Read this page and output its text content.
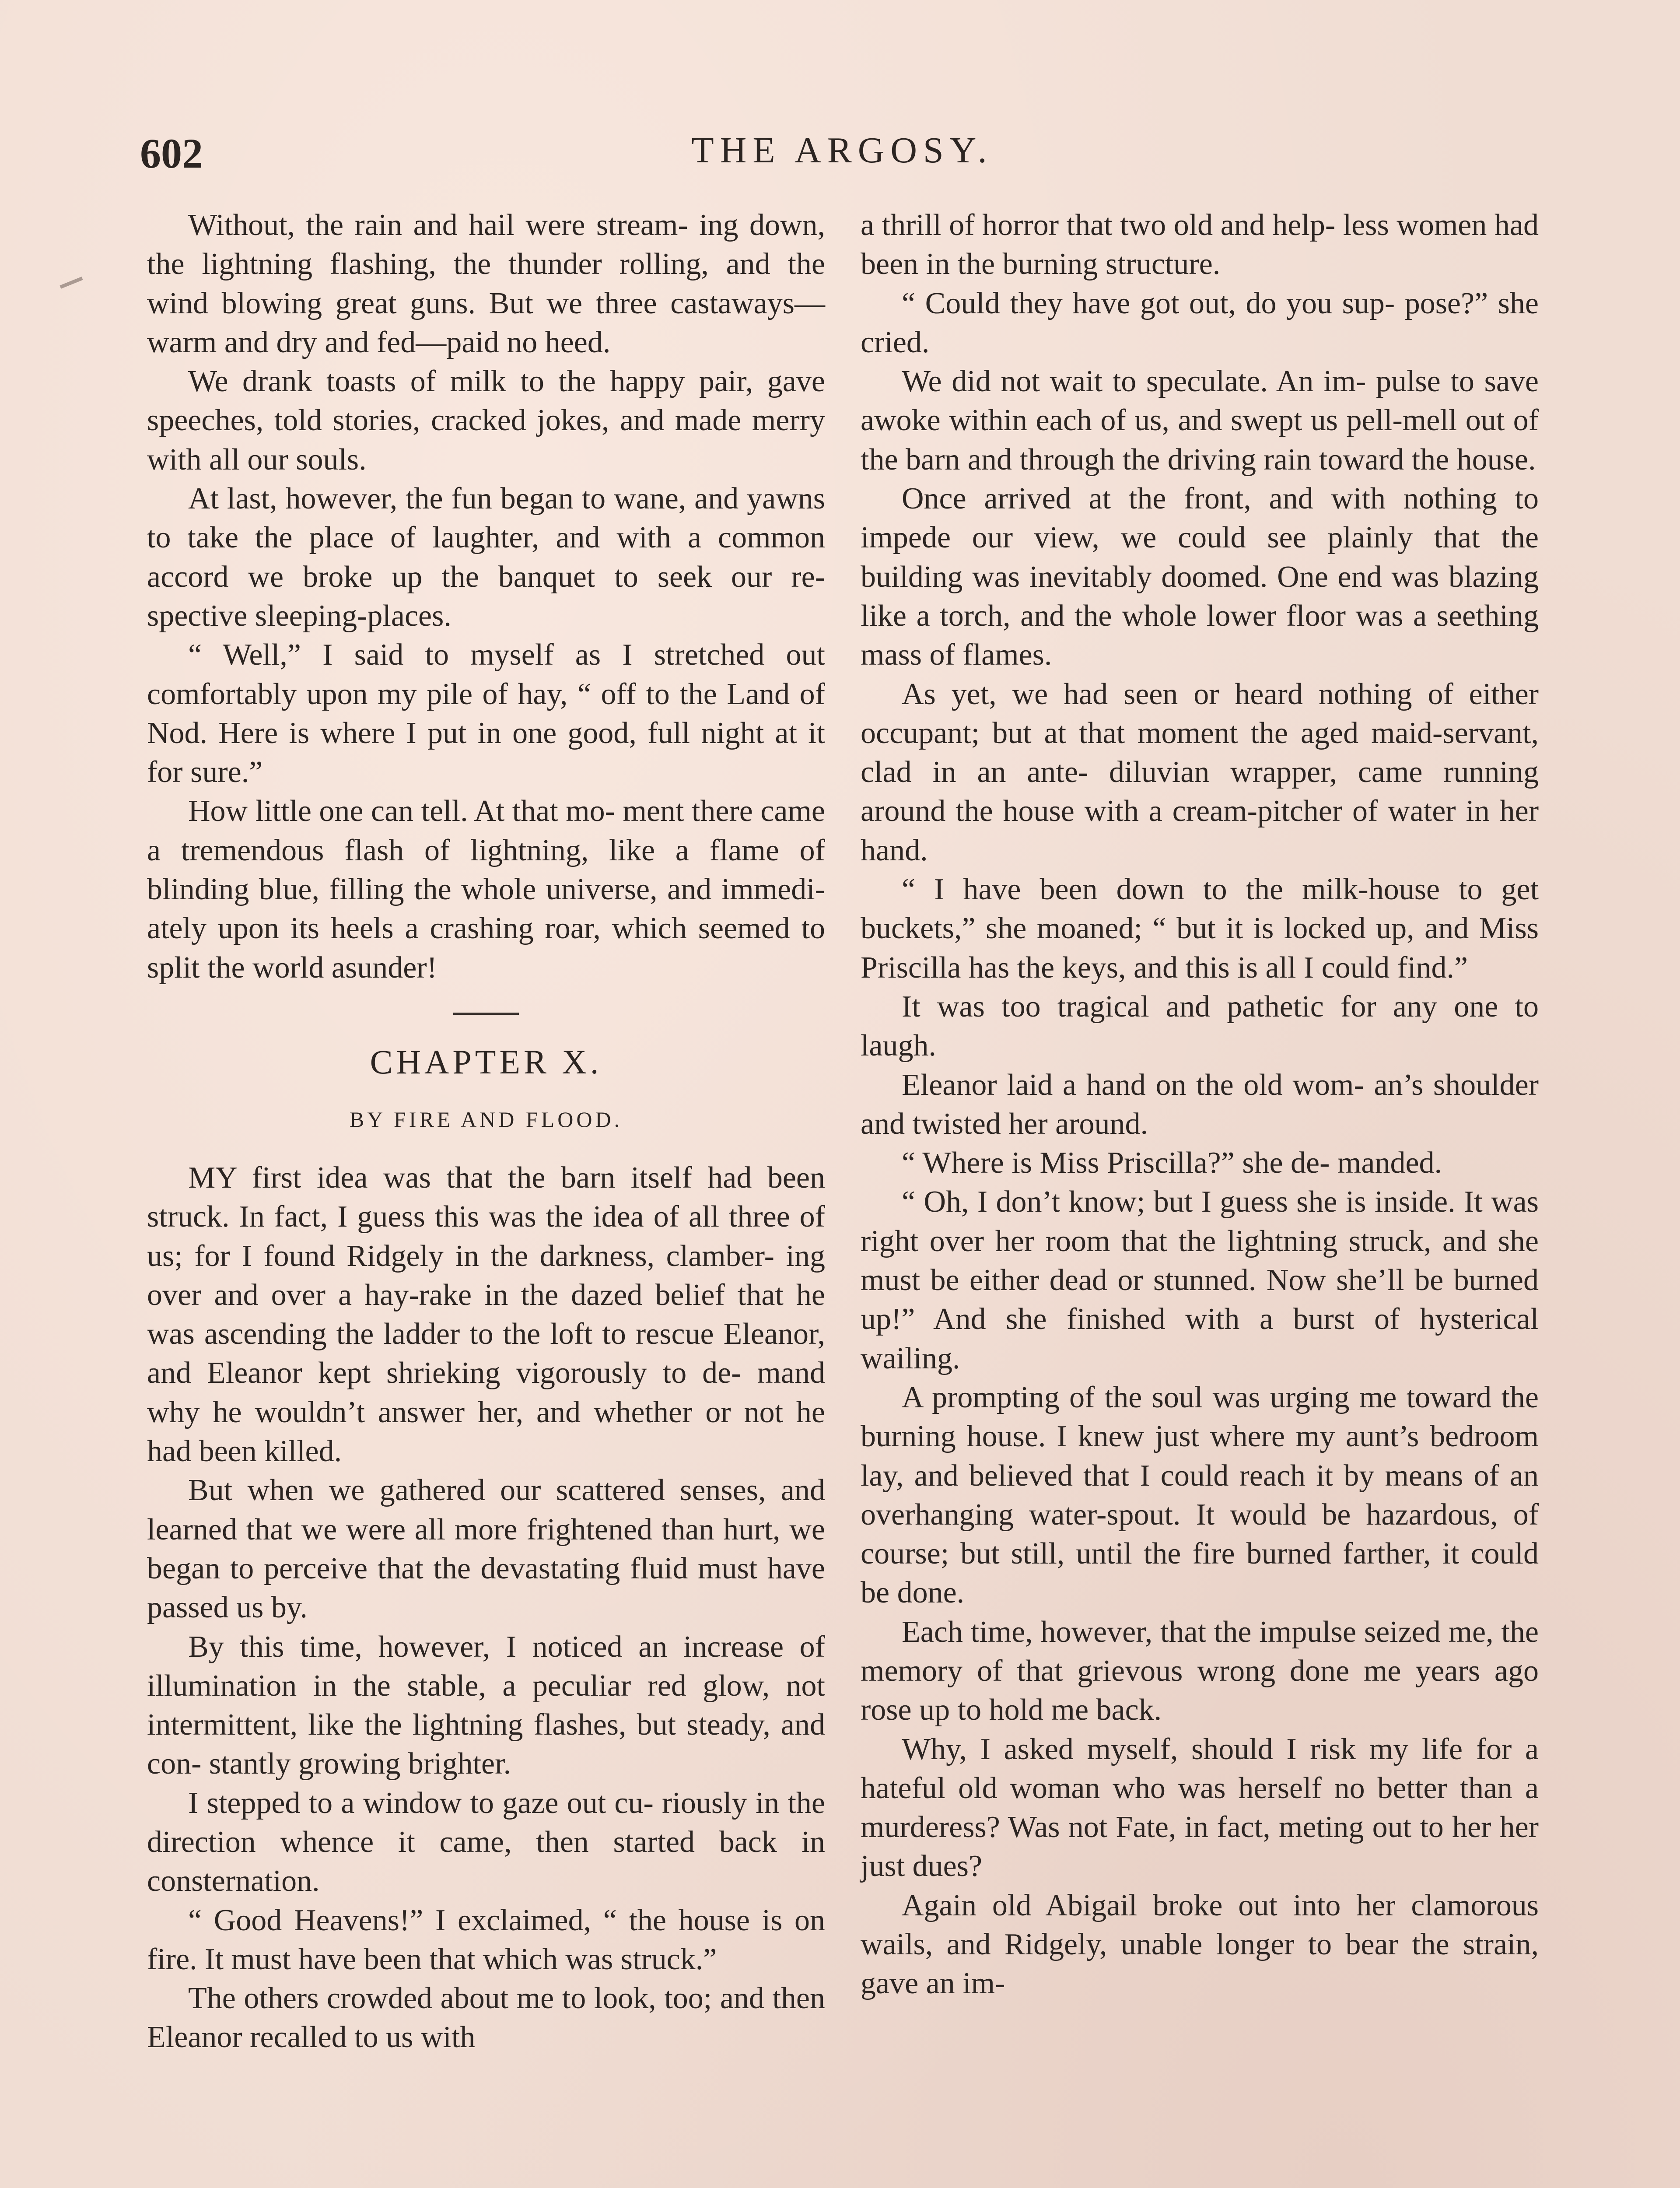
602	THE ARGOSY.

Without, the rain and hail were stream- ing down, the lightning flashing, the thunder rolling, and the wind blowing great guns. But we three castaways— warm and dry and fed—paid no heed.

We drank toasts of milk to the happy pair, gave speeches, told stories, cracked jokes, and made merry with all our souls.

At last, however, the fun began to wane, and yawns to take the place of laughter, and with a common accord we broke up the banquet to seek our re- spective sleeping-places.

“ Well,” I said to myself as I stretched out comfortably upon my pile of hay, “ off to the Land of Nod. Here is where I put in one good, full night at it for sure.”

How little one can tell. At that mo- ment there came a tremendous flash of lightning, like a flame of blinding blue, filling the whole universe, and immedi- ately upon its heels a crashing roar, which seemed to split the world asunder!

CHAPTER X.
BY FIRE AND FLOOD.

MY first idea was that the barn itself had been struck. In fact, I guess this was the idea of all three of us; for I found Ridgely in the darkness, clamber- ing over and over a hay-rake in the dazed belief that he was ascending the ladder to the loft to rescue Eleanor, and Eleanor kept shrieking vigorously to de- mand why he wouldn’t answer her, and whether or not he had been killed.

But when we gathered our scattered senses, and learned that we were all more frightened than hurt, we began to perceive that the devastating fluid must have passed us by.

By this time, however, I noticed an increase of illumination in the stable, a peculiar red glow, not intermittent, like the lightning flashes, but steady, and con- stantly growing brighter.

I stepped to a window to gaze out cu- riously in the direction whence it came, then started back in consternation.

“ Good Heavens!” I exclaimed, “ the house is on fire. It must have been that which was struck.”

The others crowded about me to look, too; and then Eleanor recalled to us with

a thrill of horror that two old and help- less women had been in the burning structure.

“ Could they have got out, do you sup- pose?” she cried.

We did not wait to speculate. An im- pulse to save awoke within each of us, and swept us pell-mell out of the barn and through the driving rain toward the house.

Once arrived at the front, and with nothing to impede our view, we could see plainly that the building was inevitably doomed. One end was blazing like a torch, and the whole lower floor was a seething mass of flames.

As yet, we had seen or heard nothing of either occupant; but at that moment the aged maid-servant, clad in an ante- diluvian wrapper, came running around the house with a cream-pitcher of water in her hand.

“ I have been down to the milk-house to get buckets,” she moaned; “ but it is locked up, and Miss Priscilla has the keys, and this is all I could find.”

It was too tragical and pathetic for any one to laugh.

Eleanor laid a hand on the old wom- an’s shoulder and twisted her around.

“ Where is Miss Priscilla?” she de- manded.

“ Oh, I don’t know; but I guess she is inside. It was right over her room that the lightning struck, and she must be either dead or stunned. Now she’ll be burned up!” And she finished with a burst of hysterical wailing.

A prompting of the soul was urging me toward the burning house. I knew just where my aunt’s bedroom lay, and believed that I could reach it by means of an overhanging water-spout. It would be hazardous, of course; but still, until the fire burned farther, it could be done.

Each time, however, that the impulse seized me, the memory of that grievous wrong done me years ago rose up to hold me back.

Why, I asked myself, should I risk my life for a hateful old woman who was herself no better than a murderess? Was not Fate, in fact, meting out to her her just dues?

Again old Abigail broke out into her clamorous wails, and Ridgely, unable longer to bear the strain, gave an im-
